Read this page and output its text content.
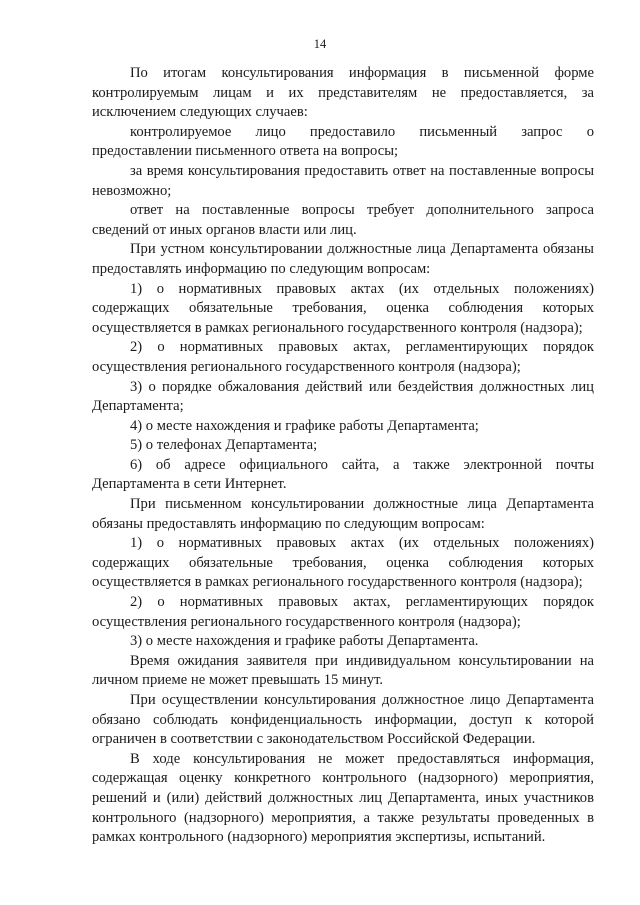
14

По итогам консультирования информация в письменной форме контролируемым лицам и их представителям не предоставляется, за исключением следующих случаев:

контролируемое лицо предоставило письменный запрос о предоставлении письменного ответа на вопросы;

за время консультирования предоставить ответ на поставленные вопросы невозможно;

ответ на поставленные вопросы требует дополнительного запроса сведений от иных органов власти или лиц.

При устном консультировании должностные лица Департамента обязаны предоставлять информацию по следующим вопросам:

1) о нормативных правовых актах (их отдельных положениях) содержащих обязательные требования, оценка соблюдения которых осуществляется в рамках регионального государственного контроля (надзора);

2) о нормативных правовых актах, регламентирующих порядок осуществления регионального государственного контроля (надзора);

3) о порядке обжалования действий или бездействия должностных лиц Департамента;

4) о месте нахождения и графике работы Департамента;

5) о телефонах Департамента;

6) об адресе официального сайта, а также электронной почты Департамента в сети Интернет.

При письменном консультировании должностные лица Департамента обязаны предоставлять информацию по следующим вопросам:

1) о нормативных правовых актах (их отдельных положениях) содержащих обязательные требования, оценка соблюдения которых осуществляется в рамках регионального государственного контроля (надзора);

2) о нормативных правовых актах, регламентирующих порядок осуществления регионального государственного контроля (надзора);

3) о месте нахождения и графике работы Департамента.

Время ожидания заявителя при индивидуальном консультировании на личном приеме не может превышать 15 минут.

При осуществлении консультирования должностное лицо Департамента обязано соблюдать конфиденциальность информации, доступ к которой ограничен в соответствии с законодательством Российской Федерации.

В ходе консультирования не может предоставляться информация, содержащая оценку конкретного контрольного (надзорного) мероприятия, решений и (или) действий должностных лиц Департамента, иных участников контрольного (надзорного) мероприятия, а также результаты проведенных в рамках контрольного (надзорного) мероприятия экспертизы, испытаний.
